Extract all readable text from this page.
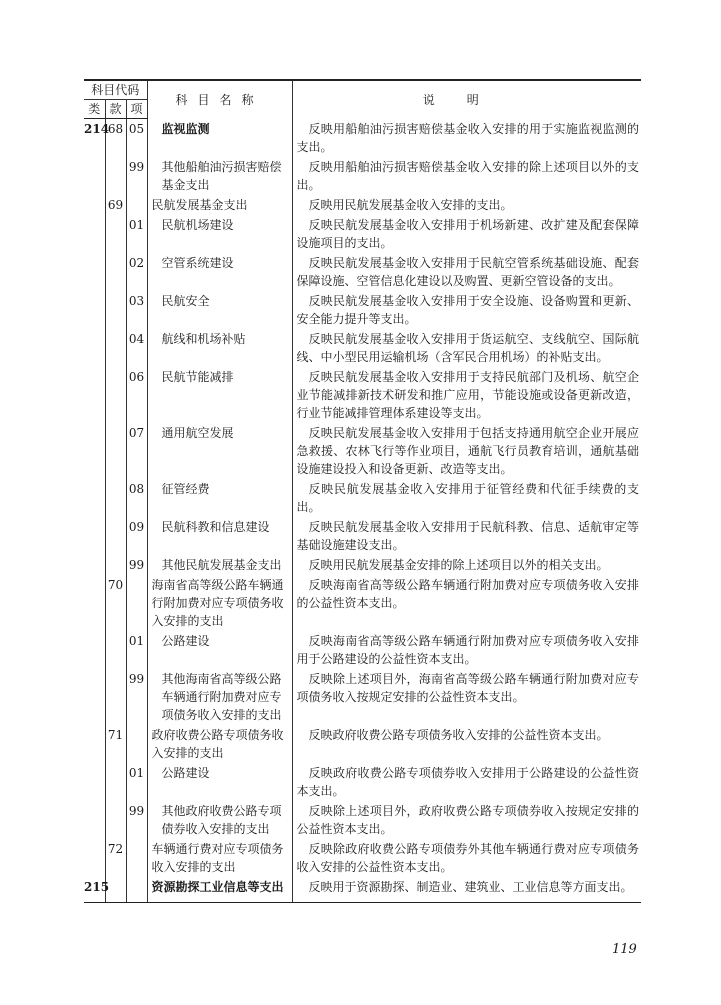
科目代码			科目名称	说明
类	款	项		
214	68	05	监视监测	反映用船舶油污损害赔偿基金收入安排的用于实施监视监测的支出。
		99	其他船舶油污损害赔偿基金支出	反映用船舶油污损害赔偿基金收入安排的除上述项目以外的支出。
	69		民航发展基金支出	反映用民航发展基金收入安排的支出。
		01	民航机场建设	反映民航发展基金收入安排用于机场新建、改扩建及配套保障设施项目的支出。
		02	空管系统建设	反映民航发展基金收入安排用于民航空管系统基础设施、配套保障设施、空管信息化建设以及购置、更新空管设备的支出。
		03	民航安全	反映民航发展基金收入安排用于安全设施、设备购置和更新、安全能力提升等支出。
		04	航线和机场补贴	反映民航发展基金收入安排用于货运航空、支线航空、国际航线、中小型民用运输机场（含军民合用机场）的补贴支出。
		06	民航节能减排	反映民航发展基金收入安排用于支持民航部门及机场、航空企业节能减排新技术研发和推广应用，节能设施或设备更新改造，行业节能减排管理体系建设等支出。
		07	通用航空发展	反映民航发展基金收入安排用于包括支持通用航空企业开展应急救援、农林飞行等作业项目，通航飞行员教育培训，通航基础设施建设投入和设备更新、改造等支出。
		08	征管经费	反映民航发展基金收入安排用于征管经费和代征手续费的支出。
		09	民航科教和信息建设	反映民航发展基金收入安排用于民航科教、信息、适航审定等基础设施建设支出。
		99	其他民航发展基金支出	反映用民航发展基金安排的除上述项目以外的相关支出。
	70		海南省高等级公路车辆通行附加费对应专项债务收入安排的支出	反映海南省高等级公路车辆通行附加费对应专项债务收入安排的公益性资本支出。
		01	公路建设	反映海南省高等级公路车辆通行附加费对应专项债务收入安排用于公路建设的公益性资本支出。
		99	其他海南省高等级公路车辆通行附加费对应专项债务收入安排的支出	反映除上述项目外，海南省高等级公路车辆通行附加费对应专项债务收入按规定安排的公益性资本支出。
	71		政府收费公路专项债务收入安排的支出	反映政府收费公路专项债务收入安排的公益性资本支出。
		01	公路建设	反映政府收费公路专项债券收入安排用于公路建设的公益性资本支出。
		99	其他政府收费公路专项债券收入安排的支出	反映除上述项目外，政府收费公路专项债券收入按规定安排的公益性资本支出。
	72		车辆通行费对应专项债务收入安排的支出	反映除政府收费公路专项债券外其他车辆通行费对应专项债务收入安排的公益性资本支出。
215			资源勘探工业信息等支出	反映用于资源勘探、制造业、建筑业、工业信息等方面支出。
119
